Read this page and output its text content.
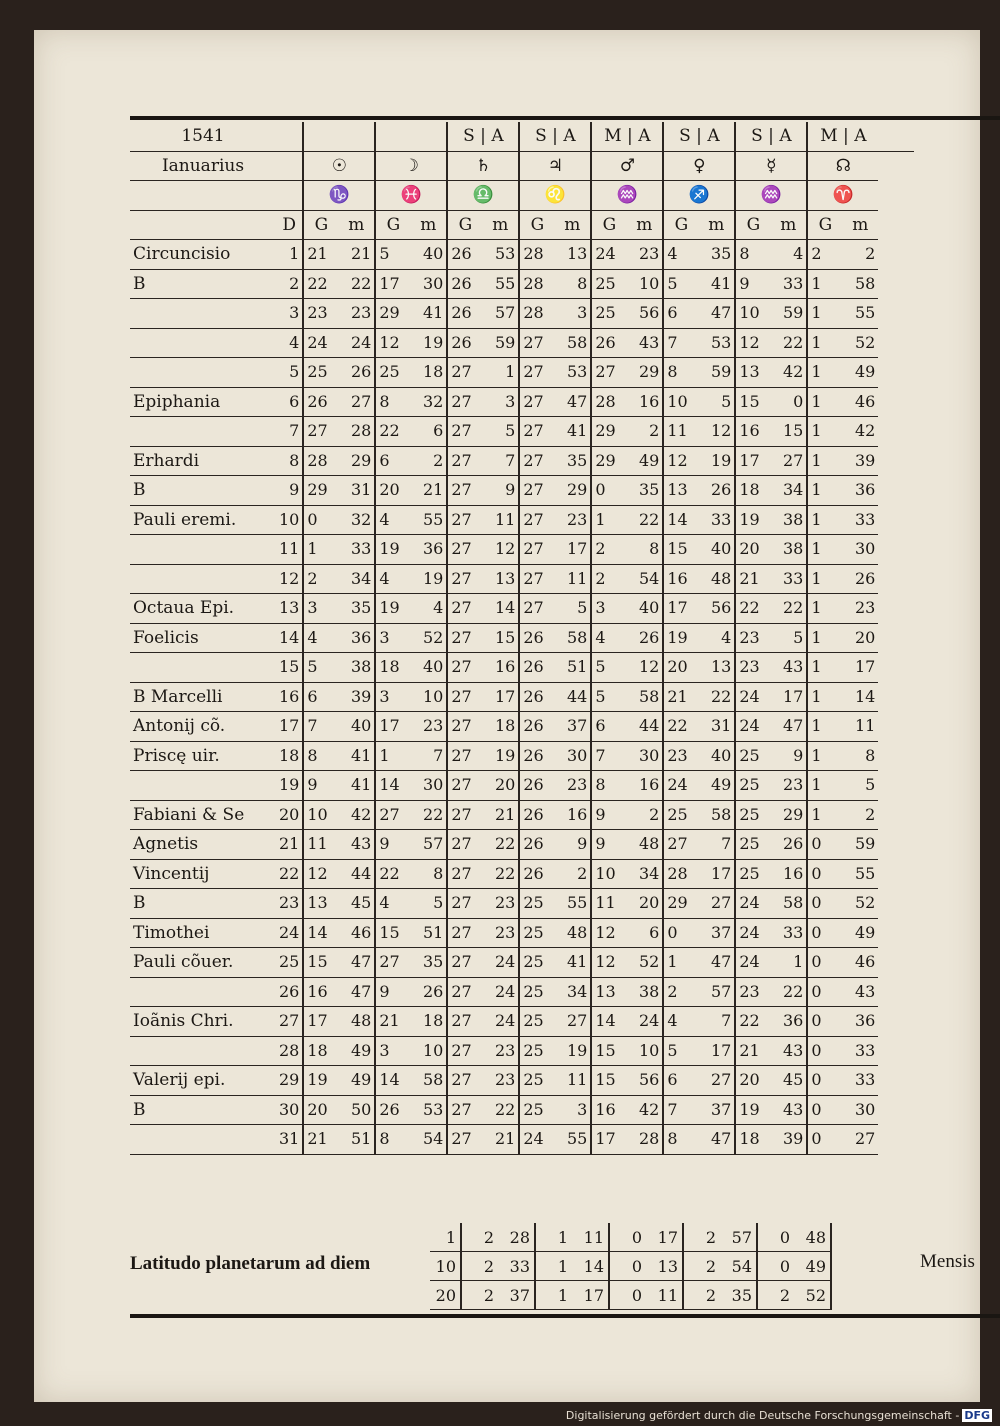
1541						S | A		S | A		M | A		S | A		S | A		M | A		
Ianuarius		☉		☽		♄		♃		♂		♀		☿		☊		
		♑		♓		♎		♌		♒		♐		♒		♈		
	D	G	m	G	m	G	m	G	m	G	m	G	m	G	m	G	m	
Circuncisio	1	21	21	5	40	26	53	28	13	24	23	4	35	8	4	2	2	
B	2	22	22	17	30	26	55	28	8	25	10	5	41	9	33	1	58	
	3	23	23	29	41	26	57	28	3	25	56	6	47	10	59	1	55	
	4	24	24	12	19	26	59	27	58	26	43	7	53	12	22	1	52	
	5	25	26	25	18	27	1	27	53	27	29	8	59	13	42	1	49	
Epiphania	6	26	27	8	32	27	3	27	47	28	16	10	5	15	0	1	46	
	7	27	28	22	6	27	5	27	41	29	2	11	12	16	15	1	42	
Erhardi	8	28	29	6	2	27	7	27	35	29	49	12	19	17	27	1	39	
B	9	29	31	20	21	27	9	27	29	0	35	13	26	18	34	1	36	
Pauli eremi.	10	0	32	4	55	27	11	27	23	1	22	14	33	19	38	1	33	
	11	1	33	19	36	27	12	27	17	2	8	15	40	20	38	1	30	
	12	2	34	4	19	27	13	27	11	2	54	16	48	21	33	1	26	
Octaua Epi.	13	3	35	19	4	27	14	27	5	3	40	17	56	22	22	1	23	
Foelicis	14	4	36	3	52	27	15	26	58	4	26	19	4	23	5	1	20	
	15	5	38	18	40	27	16	26	51	5	12	20	13	23	43	1	17	
B Marcelli	16	6	39	3	10	27	17	26	44	5	58	21	22	24	17	1	14	
Antonij cõ.	17	7	40	17	23	27	18	26	37	6	44	22	31	24	47	1	11	
Priscę uir.	18	8	41	1	7	27	19	26	30	7	30	23	40	25	9	1	8	
	19	9	41	14	30	27	20	26	23	8	16	24	49	25	23	1	5	
Fabiani & Se	20	10	42	27	22	27	21	26	16	9	2	25	58	25	29	1	2	
Agnetis	21	11	43	9	57	27	22	26	9	9	48	27	7	25	26	0	59	
Vincentij	22	12	44	22	8	27	22	26	2	10	34	28	17	25	16	0	55	
B	23	13	45	4	5	27	23	25	55	11	20	29	27	24	58	0	52	
Timothei	24	14	46	15	51	27	23	25	48	12	6	0	37	24	33	0	49	
Pauli cõuer.	25	15	47	27	35	27	24	25	41	12	52	1	47	24	1	0	46	
	26	16	47	9	26	27	24	25	34	13	38	2	57	23	22	0	43	
Ioãnis Chri.	27	17	48	21	18	27	24	25	27	14	24	4	7	22	36	0	36	
	28	18	49	3	10	27	23	25	19	15	10	5	17	21	43	0	33	
Valerij epi.	29	19	49	14	58	27	23	25	11	15	56	6	27	20	45	0	33	
B	30	20	50	26	53	27	22	25	3	16	42	7	37	19	43	0	30	
	31	21	51	8	54	27	21	24	55	17	28	8	47	18	39	0	27	
Latitudo planetarum ad diem
1	2	28	1	11	0	17	2	57	0	48
10	2	33	1	14	0	13	2	54	0	49
20	2	37	1	17	0	11	2	35	2	52
Mensis
Digitalisierung gefördert durch die Deutsche Forschungsgemeinschaft - DFG
